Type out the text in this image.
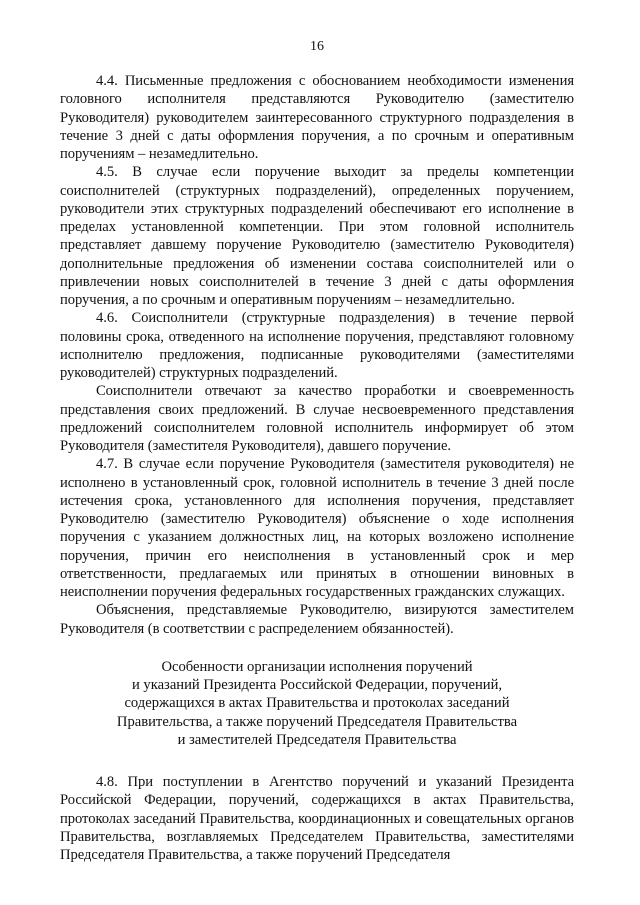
16

4.4. Письменные предложения с обоснованием необходимости изменения головного исполнителя представляются Руководителю (заместителю Руководителя) руководителем заинтересованного структурного подразделения в течение 3 дней с даты оформления поручения, а по срочным и оперативным поручениям – незамедлительно.

4.5. В случае если поручение выходит за пределы компетенции соисполнителей (структурных подразделений), определенных поручением, руководители этих структурных подразделений обеспечивают его исполнение в пределах установленной компетенции. При этом головной исполнитель представляет давшему поручение Руководителю (заместителю Руководителя) дополнительные предложения об изменении состава соисполнителей или о привлечении новых соисполнителей в течение 3 дней с даты оформления поручения, а по срочным и оперативным поручениям – незамедлительно.

4.6. Соисполнители (структурные подразделения) в течение первой половины срока, отведенного на исполнение поручения, представляют головному исполнителю предложения, подписанные руководителями (заместителями руководителей) структурных подразделений.

Соисполнители отвечают за качество проработки и своевременность представления своих предложений. В случае несвоевременного представления предложений соисполнителем головной исполнитель информирует об этом Руководителя (заместителя Руководителя), давшего поручение.

4.7. В случае если поручение Руководителя (заместителя руководителя) не исполнено в установленный срок, головной исполнитель в течение 3 дней после истечения срока, установленного для исполнения поручения, представляет Руководителю (заместителю Руководителя) объяснение о ходе исполнения поручения с указанием должностных лиц, на которых возложено исполнение поручения, причин его неисполнения в установленный срок и мер ответственности, предлагаемых или принятых в отношении виновных в неисполнении поручения федеральных государственных гражданских служащих.

Объяснения, представляемые Руководителю, визируются заместителем Руководителя (в соответствии с распределением обязанностей).

Особенности организации исполнения поручений
и указаний Президента Российской Федерации, поручений,
содержащихся в актах Правительства и протоколах заседаний
Правительства, а также поручений Председателя Правительства
и заместителей Председателя Правительства

4.8. При поступлении в Агентство поручений и указаний Президента Российской Федерации, поручений, содержащихся в актах Правительства, протоколах заседаний Правительства, координационных и совещательных органов Правительства, возглавляемых Председателем Правительства, заместителями Председателя Правительства, а также поручений Председателя
